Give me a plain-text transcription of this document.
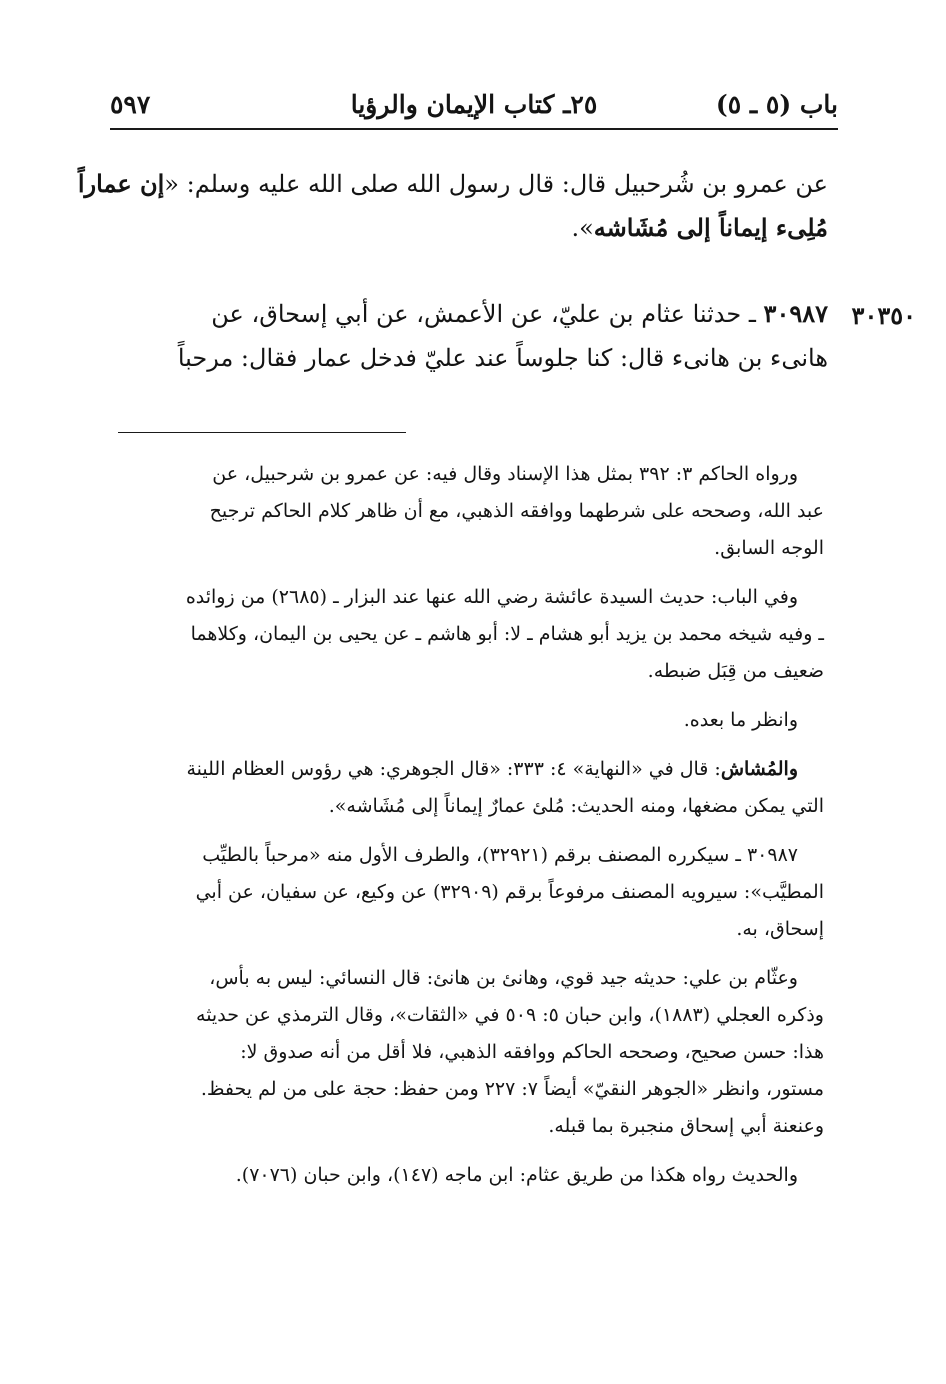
باب (٥ ـ ٥)
٢٥ـ كتاب الإيمان والرؤيا
٥٩٧
عن عمرو بن شُرحبيل قال: قال رسول الله صلى الله عليه وسلم: «إن عماراً
مُلِىء إيماناً إلى مُشَاشه».
٣٠٣٥٠
٣٠٩٨٧ ـ حدثنا عثام بن عليّ، عن الأعمش، عن أبي إسحاق، عن
هانىء بن هانىء قال: كنا جلوساً عند عليّ فدخل عمار فقال: مرحباً

ورواه الحاكم ٣: ٣٩٢ بمثل هذا الإسناد وقال فيه: عن عمرو بن شرحبيل، عن
عبد الله، وصححه على شرطهما ووافقه الذهبي، مع أن ظاهر كلام الحاكم ترجيح
الوجه السابق.

وفي الباب: حديث السيدة عائشة رضي الله عنها عند البزار ـ (٢٦٨٥) من زوائده
ـ وفيه شيخه محمد بن يزيد أبو هشام ـ لا: أبو هاشم ـ عن يحيى بن اليمان، وكلاهما
ضعيف من قِبَل ضبطه.

وانظر ما بعده.

والمُشاش: قال في «النهاية» ٤: ٣٣٣: «قال الجوهري: هي رؤوس العظام اللينة
التي يمكن مضغها، ومنه الحديث: مُلئ عمارٌ إيماناً إلى مُشَاشه».

٣٠٩٨٧ ـ سيكرره المصنف برقم (٣٢٩٢١)، والطرف الأول منه «مرحباً بالطيِّب
المطيَّب»: سيرويه المصنف مرفوعاً برقم (٣٢٩٠٩) عن وكيع، عن سفيان، عن أبي
إسحاق، به.

وعثّام بن علي: حديثه جيد قوي، وهانئ بن هانئ: قال النسائي: ليس به بأس،
وذكره العجلي (١٨٨٣)، وابن حبان ٥: ٥٠٩ في «الثقات»، وقال الترمذي عن حديثه
هذا: حسن صحيح، وصححه الحاكم ووافقه الذهبي، فلا أقل من أنه صدوق لا:
مستور، وانظر «الجوهر النقيّ» أيضاً ٧: ٢٢٧ ومن حفظ: حجة على من لم يحفظ.
وعنعنة أبي إسحاق منجبرة بما قبله.

والحديث رواه هكذا من طريق عثام: ابن ماجه (١٤٧)، وابن حبان (٧٠٧٦).
